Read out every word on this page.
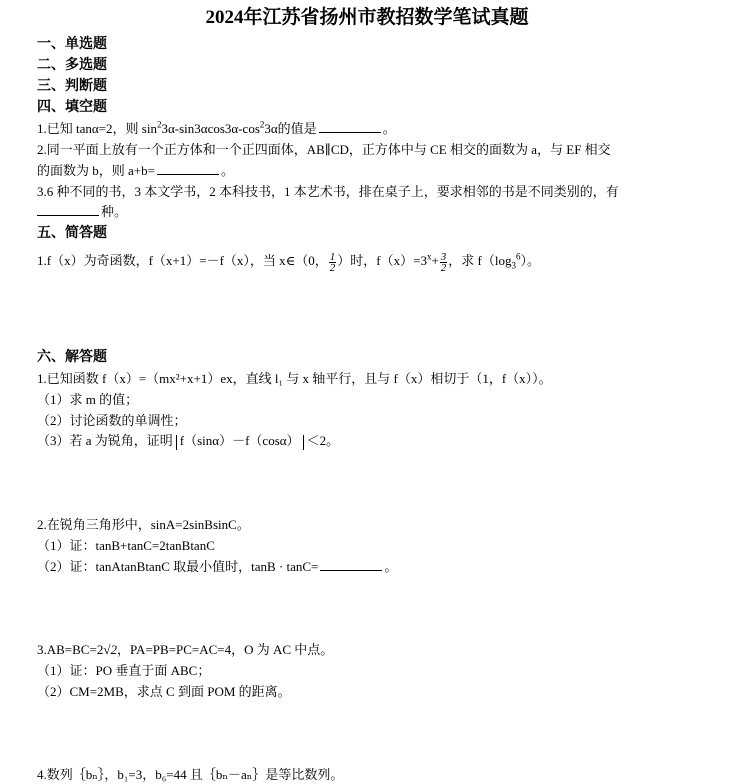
2024年江苏省扬州市教招数学笔试真题
一、单选题
二、多选题
三、判断题
四、填空题
1.已知 tanα=2，则 $\sin^23\alpha-\sin 3\alpha\cos 3\alpha-\cos^23\alpha$的值是	。
2.同一平面上放有一个正方体和一个正四面体，AB∥CD，正方体中与 CE 相交的面数为 a，与 EF 相交
的面数为 b，则 a+b=	。
3.6 种不同的书，3 本文学书，2 本科技书，1 本艺术书，排在桌子上，要求相邻的书是不同类别的，有
种。
五、简答题
1.f（x）为奇函数，f（x+1）=－f（x），当 x∈（0， $\frac{1}{2}$ ）时，$f(x)=3^x+ \frac{3}{2}$ ，求 $f(\log_3^6)$。
六、解答题
1.已知函数 f（x）=（mx²+x+1）ex，直线 l₁ 与 x 轴平行，且与 f（x）相切于（1，f（x））。
（1）求 m 的值；
（2）讨论函数的单调性；
（3）若 a 为锐角，证明 f（sinα）－f（cosα） ＜2。
2.在锐角三角形中，sinA=2sinBsinC。
（1）证：tanB+tanC=2tanBtanC
（2）证：tanAtanBtanC 取最小值时，tanB · tanC=	。
3.AB=BC=2√2，PA=PB=PC=AC=4，O 为 AC 中点。
（1）证：PO 垂直于面 ABC；
（2）CM=2MB，求点 C 到面 POM 的距离。
4.数列｛bₙ｝，b₁=3，b₆=44 且｛bₙ－aₙ｝是等比数列。
